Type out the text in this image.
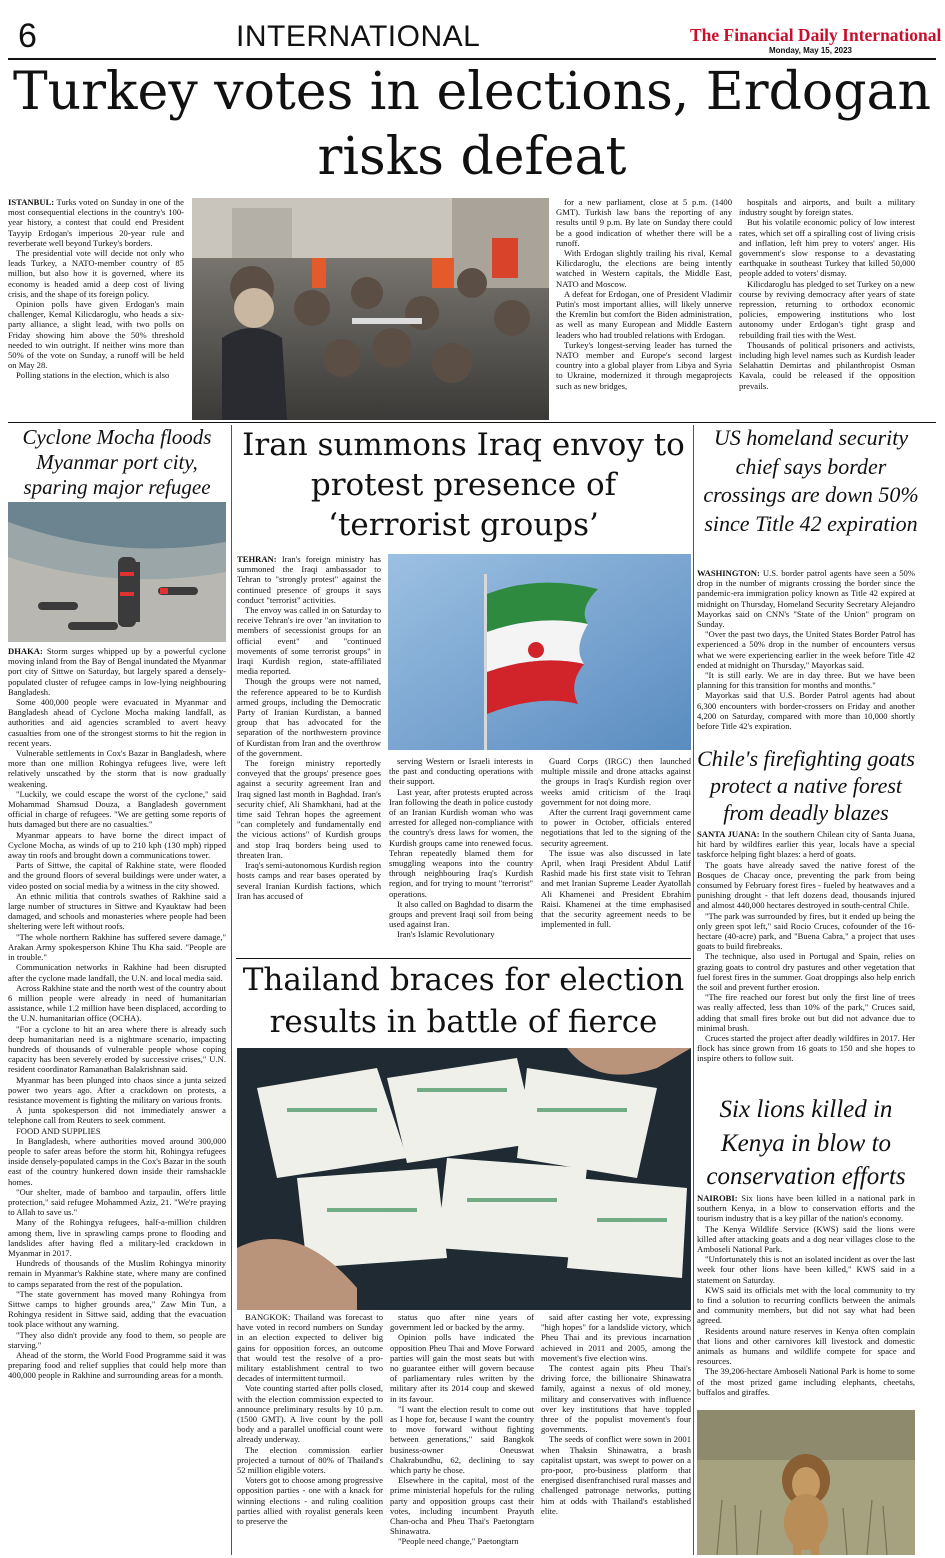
6	INTERNATIONAL	The Financial Daily International
Monday, May 15, 2023
Turkey votes in elections, Erdogan risks defeat

ISTANBUL: Turks voted on Sunday in one of the most consequential elections in the country's 100-year history, a contest that could end President Tayyip Erdogan's imperious 20-year rule and reverberate well beyond Turkey's borders.

The presidential vote will decide not only who leads Turkey, a NATO-member country of 85 million, but also how it is governed, where its economy is headed amid a deep cost of living crisis, and the shape of its foreign policy.

Opinion polls have given Erdogan's main challenger, Kemal Kilicdaroglu, who heads a six-party alliance, a slight lead, with two polls on Friday showing him above the 50% threshold needed to win outright. If neither wins more than 50% of the vote on Sunday, a runoff will be held on May 28.

Polling stations in the election, which is also

for a new parliament, close at 5 p.m. (1400 GMT). Turkish law bans the reporting of any results until 9 p.m. By late on Sunday there could be a good indication of whether there will be a runoff.

With Erdogan slightly trailing his rival, Kemal Kilicdaroglu, the elections are being intently watched in Western capitals, the Middle East, NATO and Moscow.

A defeat for Erdogan, one of President Vladimir Putin's most important allies, will likely unnerve the Kremlin but comfort the Biden administration, as well as many European and Middle Eastern leaders who had troubled relations with Erdogan.

Turkey's longest-serving leader has turned the NATO member and Europe's second largest country into a global player from Libya and Syria to Ukraine, modernized it through megaprojects such as new bridges,

hospitals and airports, and built a military industry sought by foreign states.

But his volatile economic policy of low interest rates, which set off a spiralling cost of living crisis and inflation, left him prey to voters' anger. His government's slow response to a devastating earthquake in southeast Turkey that killed 50,000 people added to voters' dismay.

Kilicdaroglu has pledged to set Turkey on a new course by reviving democracy after years of state repression, returning to orthodox economic policies, empowering institutions who lost autonomy under Erdogan's tight grasp and rebuilding frail ties with the West.

Thousands of political prisoners and activists, including high level names such as Kurdish leader Selahattin Demirtas and philanthropist Osman Kavala, could be released if the opposition prevails.

Cyclone Mocha floods Myanmar port city, sparing major refugee

DHAKA: Storm surges whipped up by a powerful cyclone moving inland from the Bay of Bengal inundated the Myanmar port city of Sittwe on Saturday, but largely spared a densely-populated cluster of refugee camps in low-lying neighbouring Bangladesh.

Some 400,000 people were evacuated in Myanmar and Bangladesh ahead of Cyclone Mocha making landfall, as authorities and aid agencies scrambled to avert heavy casualties from one of the strongest storms to hit the region in recent years.

Vulnerable settlements in Cox's Bazar in Bangladesh, where more than one million Rohingya refugees live, were left relatively unscathed by the storm that is now gradually weakening.

"Luckily, we could escape the worst of the cyclone," said Mohammad Shamsud Douza, a Bangladesh government official in charge of refugees. "We are getting some reports of huts damaged but there are no casualties."

Myanmar appears to have borne the direct impact of Cyclone Mocha, as winds of up to 210 kph (130 mph) ripped away tin roofs and brought down a communications tower.

Parts of Sittwe, the capital of Rakhine state, were flooded and the ground floors of several buildings were under water, a video posted on social media by a witness in the city showed.

An ethnic militia that controls swathes of Rakhine said a large number of structures in Sittwe and Kyauktaw had been damaged, and schools and monasteries where people had been sheltering were left without roofs.

"The whole northern Rakhine has suffered severe damage," Arakan Army spokesperson Khine Thu Kha said. "People are in trouble."

Communication networks in Rakhine had been disrupted after the cyclone made landfall, the U.N. and local media said.

Across Rakhine state and the north west of the country about 6 million people were already in need of humanitarian assistance, while 1.2 million have been displaced, according to the U.N. humanitarian office (OCHA).

"For a cyclone to hit an area where there is already such deep humanitarian need is a nightmare scenario, impacting hundreds of thousands of vulnerable people whose coping capacity has been severely eroded by successive crises," U.N. resident coordinator Ramanathan Balakrishnan said.

Myanmar has been plunged into chaos since a junta seized power two years ago. After a crackdown on protests, a resistance movement is fighting the military on various fronts.

A junta spokesperson did not immediately answer a telephone call from Reuters to seek comment.

FOOD AND SUPPLIES

In Bangladesh, where authorities moved around 300,000 people to safer areas before the storm hit, Rohingya refugees inside densely-populated camps in the Cox's Bazar in the south east of the country hunkered down inside their ramshackle homes.

"Our shelter, made of bamboo and tarpaulin, offers little protection," said refugee Mohammed Aziz, 21. "We're praying to Allah to save us."

Many of the Rohingya refugees, half-a-million children among them, live in sprawling camps prone to flooding and landslides after having fled a military-led crackdown in Myanmar in 2017.

Hundreds of thousands of the Muslim Rohingya minority remain in Myanmar's Rakhine state, where many are confined to camps separated from the rest of the population.

"The state government has moved many Rohingya from Sittwe camps to higher grounds area," Zaw Min Tun, a Rohingya resident in Sittwe said, adding that the evacuation took place without any warning.

"They also didn't provide any food to them, so people are starving."

Ahead of the storm, the World Food Programme said it was preparing food and relief supplies that could help more than 400,000 people in Rakhine and surrounding areas for a month.

Iran summons Iraq envoy to protest presence of ‘terrorist groups’

TEHRAN: Iran's foreign ministry has summoned the Iraqi ambassador to Tehran to "strongly protest" against the continued presence of groups it says conduct "terrorist" activities.

The envoy was called in on Saturday to receive Tehran's ire over "an invitation to members of secessionist groups for an official event" and "continued movements of some terrorist groups" in Iraqi Kurdish region, state-affiliated media reported.

Though the groups were not named, the reference appeared to be to Kurdish armed groups, including the Democratic Party of Iranian Kurdistan, a banned group that has advocated for the separation of the northwestern province of Kurdistan from Iran and the overthrow of the government.

The foreign ministry reportedly conveyed that the groups' presence goes against a security agreement Iran and Iraq signed last month in Baghdad. Iran's security chief, Ali Shamkhani, had at the time said Tehran hopes the agreement "can completely and fundamentally end the vicious actions" of Kurdish groups and stop Iraq borders being used to threaten Iran.

Iraq's semi-autonomous Kurdish region hosts camps and rear bases operated by several Iranian Kurdish factions, which Iran has accused of

serving Western or Israeli interests in the past and conducting operations with their support.

Last year, after protests erupted across Iran following the death in police custody of an Iranian Kurdish woman who was arrested for alleged non-compliance with the country's dress laws for women, the Kurdish groups came into renewed focus. Tehran repeatedly blamed them for smuggling weapons into the country through neighbouring Iraq's Kurdish region, and for trying to mount "terrorist" operations.

It also called on Baghdad to disarm the groups and prevent Iraqi soil from being used against Iran.

Iran's Islamic Revolutionary

Guard Corps (IRGC) then launched multiple missile and drone attacks against the groups in Iraq's Kurdish region over weeks amid criticism of the Iraqi government for not doing more.

After the current Iraqi government came to power in October, officials entered negotiations that led to the signing of the security agreement.

The issue was also discussed in late April, when Iraqi President Abdul Latif Rashid made his first state visit to Tehran and met Iranian Supreme Leader Ayatollah Ali Khamenei and President Ebrahim Raisi. Khamenei at the time emphasised that the security agreement needs to be implemented in full.

Thailand braces for election results in battle of fierce

BANGKOK: Thailand was forecast to have voted in record numbers on Sunday in an election expected to deliver big gains for opposition forces, an outcome that would test the resolve of a pro-military establishment central to two decades of intermittent turmoil.

Vote counting started after polls closed, with the election commission expected to announce preliminary results by 10 p.m. (1500 GMT). A live count by the poll body and a parallel unofficial count were already underway.

The election commission earlier projected a turnout of 80% of Thailand's 52 million eligible voters.

Voters got to choose among progressive opposition parties - one with a knack for winning elections - and ruling coalition parties allied with royalist generals keen to preserve the

status quo after nine years of government led or backed by the army.

Opinion polls have indicated the opposition Pheu Thai and Move Forward parties will gain the most seats but with no guarantee either will govern because of parliamentary rules written by the military after its 2014 coup and skewed in its favour.

"I want the election result to come out as I hope for, because I want the country to move forward without fighting between generations," said Bangkok business-owner Oneuswat Chakrabundhu, 62, declining to say which party he chose.

Elsewhere in the capital, most of the prime ministerial hopefuls for the ruling party and opposition groups cast their votes, including incumbent Prayuth Chan-ocha and Pheu Thai's Paetongtarn Shinawatra.

"People need change," Paetongtarn

said after casting her vote, expressing "high hopes" for a landslide victory, which Pheu Thai and its previous incarnation achieved in 2011 and 2005, among the movement's five election wins.

The contest again pits Pheu Thai's driving force, the billionaire Shinawatra family, against a nexus of old money, military and conservatives with influence over key institutions that have toppled three of the populist movement's four governments.

The seeds of conflict were sown in 2001 when Thaksin Shinawatra, a brash capitalist upstart, was swept to power on a pro-poor, pro-business platform that energised disenfranchised rural masses and challenged patronage networks, putting him at odds with Thailand's established elite.

US homeland security chief says border crossings are down 50% since Title 42 expiration

WASHINGTON: U.S. border patrol agents have seen a 50% drop in the number of migrants crossing the border since the pandemic-era immigration policy known as Title 42 expired at midnight on Thursday, Homeland Security Secretary Alejandro Mayorkas said on CNN's "State of the Union" program on Sunday.

"Over the past two days, the United States Border Patrol has experienced a 50% drop in the number of encounters versus what we were experiencing earlier in the week before Title 42 ended at midnight on Thursday," Mayorkas said.

"It is still early. We are in day three. But we have been planning for this transition for months and months."

Mayorkas said that U.S. Border Patrol agents had about 6,300 encounters with border-crossers on Friday and another 4,200 on Saturday, compared with more than 10,000 shortly before Title 42's expiration.

Chile's firefighting goats protect a native forest from deadly blazes

SANTA JUANA: In the southern Chilean city of Santa Juana, hit hard by wildfires earlier this year, locals have a special taskforce helping fight blazes: a herd of goats.

The goats have already saved the native forest of the Bosques de Chacay once, preventing the park from being consumed by February forest fires - fueled by heatwaves and a punishing drought - that left dozens dead, thousands injured and almost 440,000 hectares destroyed in south-central Chile.

"The park was surrounded by fires, but it ended up being the only green spot left," said Rocio Cruces, cofounder of the 16-hectare (40-acre) park, and "Buena Cabra," a project that uses goats to build firebreaks.

The technique, also used in Portugal and Spain, relies on grazing goats to control dry pastures and other vegetation that fuel forest fires in the summer. Goat droppings also help enrich the soil and prevent further erosion.

"The fire reached our forest but only the first line of trees was really affected, less than 10% of the park," Cruces said, adding that small fires broke out but did not advance due to minimal brush.

Cruces started the project after deadly wildfires in 2017. Her flock has since grown from 16 goats to 150 and she hopes to inspire others to follow suit.

Six lions killed in Kenya in blow to conservation efforts

NAIROBI: Six lions have been killed in a national park in southern Kenya, in a blow to conservation efforts and the tourism industry that is a key pillar of the nation's economy.

The Kenya Wildlife Service (KWS) said the lions were killed after attacking goats and a dog near villages close to the Amboseli National Park.

"Unfortunately this is not an isolated incident as over the last week four other lions have been killed," KWS said in a statement on Saturday.

KWS said its officials met with the local community to try to find a solution to recurring conflicts between the animals and community members, but did not say what had been agreed.

Residents around nature reserves in Kenya often complain that lions and other carnivores kill livestock and domestic animals as humans and wildlife compete for space and resources.

The 39,206-hectare Amboseli National Park is home to some of the most prized game including elephants, cheetahs, buffalos and giraffes.
